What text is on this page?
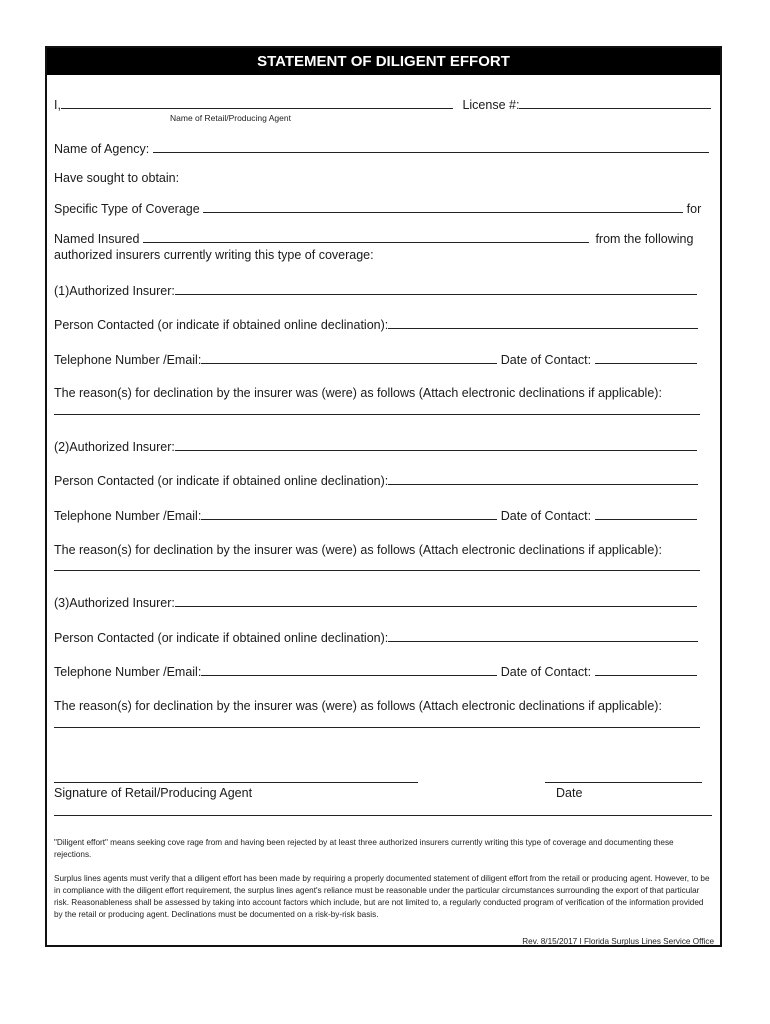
STATEMENT OF DILIGENT EFFORT
I,	License #:
Name of Retail/Producing Agent
Name of Agency:
Have sought to obtain:
Specific Type of Coverage	for
Named Insured	from the following
authorized insurers currently writing this type of coverage:
(1)Authorized Insurer:
Person Contacted (or indicate if obtained online declination):
Telephone Number /Email:	Date of Contact:
The reason(s) for declination by the insurer was (were) as follows (Attach electronic declinations if applicable):
(2)Authorized Insurer:
Person Contacted (or indicate if obtained online declination):
Telephone Number /Email:	Date of Contact:
The reason(s) for declination by the insurer was (were) as follows (Attach electronic declinations if applicable):
(3)Authorized Insurer:
Person Contacted (or indicate if obtained online declination):
Telephone Number /Email:	Date of Contact:
The reason(s) for declination by the insurer was (were) as follows (Attach electronic declinations if applicable):
Signature of Retail/Producing Agent	Date
"Diligent effort" means seeking cove rage from and having been rejected by at least three authorized insurers currently writing this type of coverage and documenting these rejections.
Surplus lines agents must verify that a diligent effort has been made by requiring a properly documented statement of diligent effort from the retail or producing agent. However, to be in compliance with the diligent effort requirement, the surplus lines agent's reliance must be reasonable under the particular circumstances surrounding the export of that particular risk. Reasonableness shall be assessed by taking into account factors which include, but are not limited to, a regularly conducted program of verification of the information provided by the retail or producing agent. Declinations must be documented on a risk-by-risk basis.
Rev. 8/15/2017 I Florida Surplus Lines Service Office
